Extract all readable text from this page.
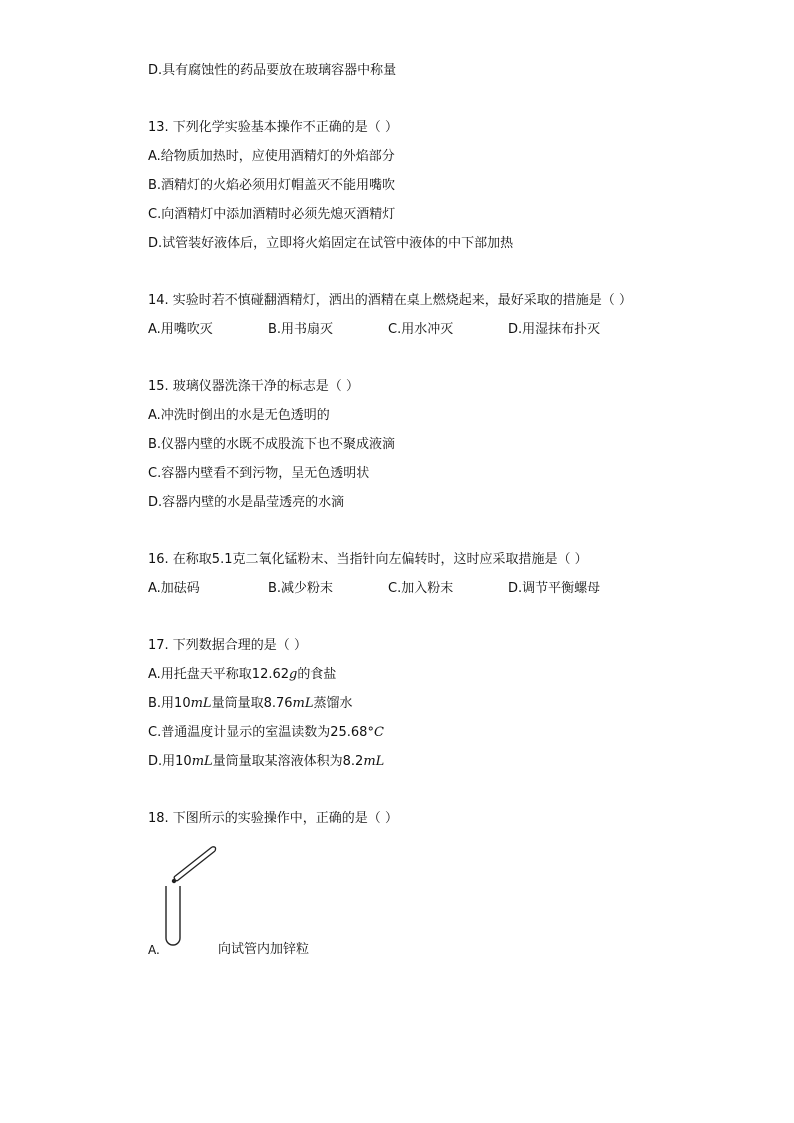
D.具有腐蚀性的药品要放在玻璃容器中称量
13. 下列化学实验基本操作不正确的是（ ）
A.给物质加热时，应使用酒精灯的外焰部分
B.酒精灯的火焰必须用灯帽盖灭不能用嘴吹
C.向酒精灯中添加酒精时必须先熄灭酒精灯
D.试管装好液体后，立即将火焰固定在试管中液体的中下部加热
14. 实验时若不慎碰翻酒精灯，洒出的酒精在桌上燃烧起来，最好采取的措施是（ ）
A.用嘴吹灭	B.用书扇灭	C.用水冲灭	D.用湿抹布扑灭
15. 玻璃仪器洗涤干净的标志是（ ）
A.冲洗时倒出的水是无色透明的
B.仪器内壁的水既不成股流下也不聚成液滴
C.容器内壁看不到污物，呈无色透明状
D.容器内壁的水是晶莹透亮的水滴
16. 在称取5.1克二氧化锰粉末、当指针向左偏转时，这时应采取措施是（ ）
A.加砝码	B.减少粉末	C.加入粉末	D.调节平衡螺母
17. 下列数据合理的是（ ）
A.用托盘天平称取12.62g的食盐
B.用10mL量筒量取8.76mL蒸馏水
C.普通温度计显示的室温读数为25.68°C
D.用10mL量筒量取某溶液体积为8.2mL
18. 下图所示的实验操作中，正确的是（ ）
A.	向试管内加锌粒
